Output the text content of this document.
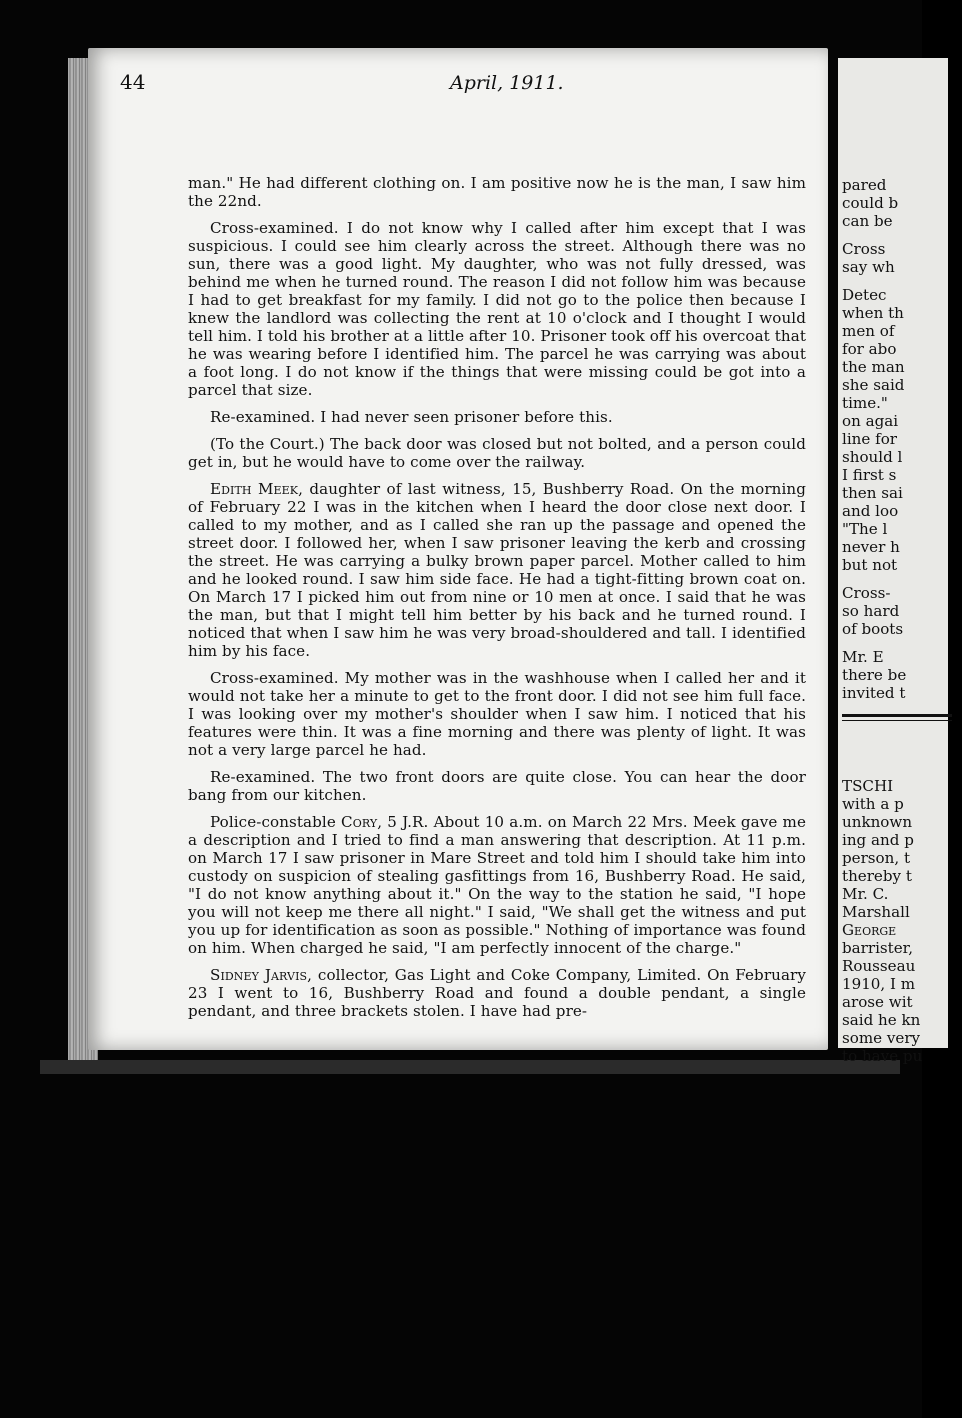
44	April, 1911.

man." He had different clothing on. I am positive now he is the man, I saw him the 22nd.

Cross-examined. I do not know why I called after him except that I was suspicious. I could see him clearly across the street. Although there was no sun, there was a good light. My daughter, who was not fully dressed, was behind me when he turned round. The reason I did not follow him was because I had to get breakfast for my family. I did not go to the police then because I knew the landlord was collecting the rent at 10 o'clock and I thought I would tell him. I told his brother at a little after 10. Prisoner took off his overcoat that he was wearing before I identified him. The parcel he was carrying was about a foot long. I do not know if the things that were missing could be got into a parcel that size.

Re-examined. I had never seen prisoner before this.

(To the Court.) The back door was closed but not bolted, and a person could get in, but he would have to come over the railway.

Edith Meek, daughter of last witness, 15, Bushberry Road. On the morning of February 22 I was in the kitchen when I heard the door close next door. I called to my mother, and as I called she ran up the passage and opened the street door. I followed her, when I saw prisoner leaving the kerb and crossing the street. He was carrying a bulky brown paper parcel. Mother called to him and he looked round. I saw him side face. He had a tight-fitting brown coat on. On March 17 I picked him out from nine or 10 men at once. I said that he was the man, but that I might tell him better by his back and he turned round. I noticed that when I saw him he was very broad-shouldered and tall. I identified him by his face.

Cross-examined. My mother was in the washhouse when I called her and it would not take her a minute to get to the front door. I did not see him full face. I was looking over my mother's shoulder when I saw him. I noticed that his features were thin. It was a fine morning and there was plenty of light. It was not a very large parcel he had.

Re-examined. The two front doors are quite close. You can hear the door bang from our kitchen.

Police-constable Cory, 5 J.R. About 10 a.m. on March 22 Mrs. Meek gave me a description and I tried to find a man answering that description. At 11 p.m. on March 17 I saw prisoner in Mare Street and told him I should take him into custody on suspicion of stealing gasfittings from 16, Bushberry Road. He said, "I do not know anything about it." On the way to the station he said, "I hope you will not keep me there all night." I said, "We shall get the witness and put you up for identification as soon as possible." Nothing of importance was found on him. When charged he said, "I am perfectly innocent of the charge."

Sidney Jarvis, collector, Gas Light and Coke Company, Limited. On February 23 I went to 16, Bushberry Road and found a double pendant, a single pendant, and three brackets stolen. I have had pre-

pared
could b
can be
Cross
say wh
Detec
when th
men of
for abo
the man
she said
time."
on agai
line for
should l
I first s
then sai
and loo
"The l
never h
but not
Cross-
so hard
of boots
Mr. E
there be
invited t
TSCHI
with a p
unknown
ing and p
person, t
thereby t
Mr. C.
Marshall
George
barrister,
Rousseau
1910, I m
arose wit
said he kn
some very
to have pu
